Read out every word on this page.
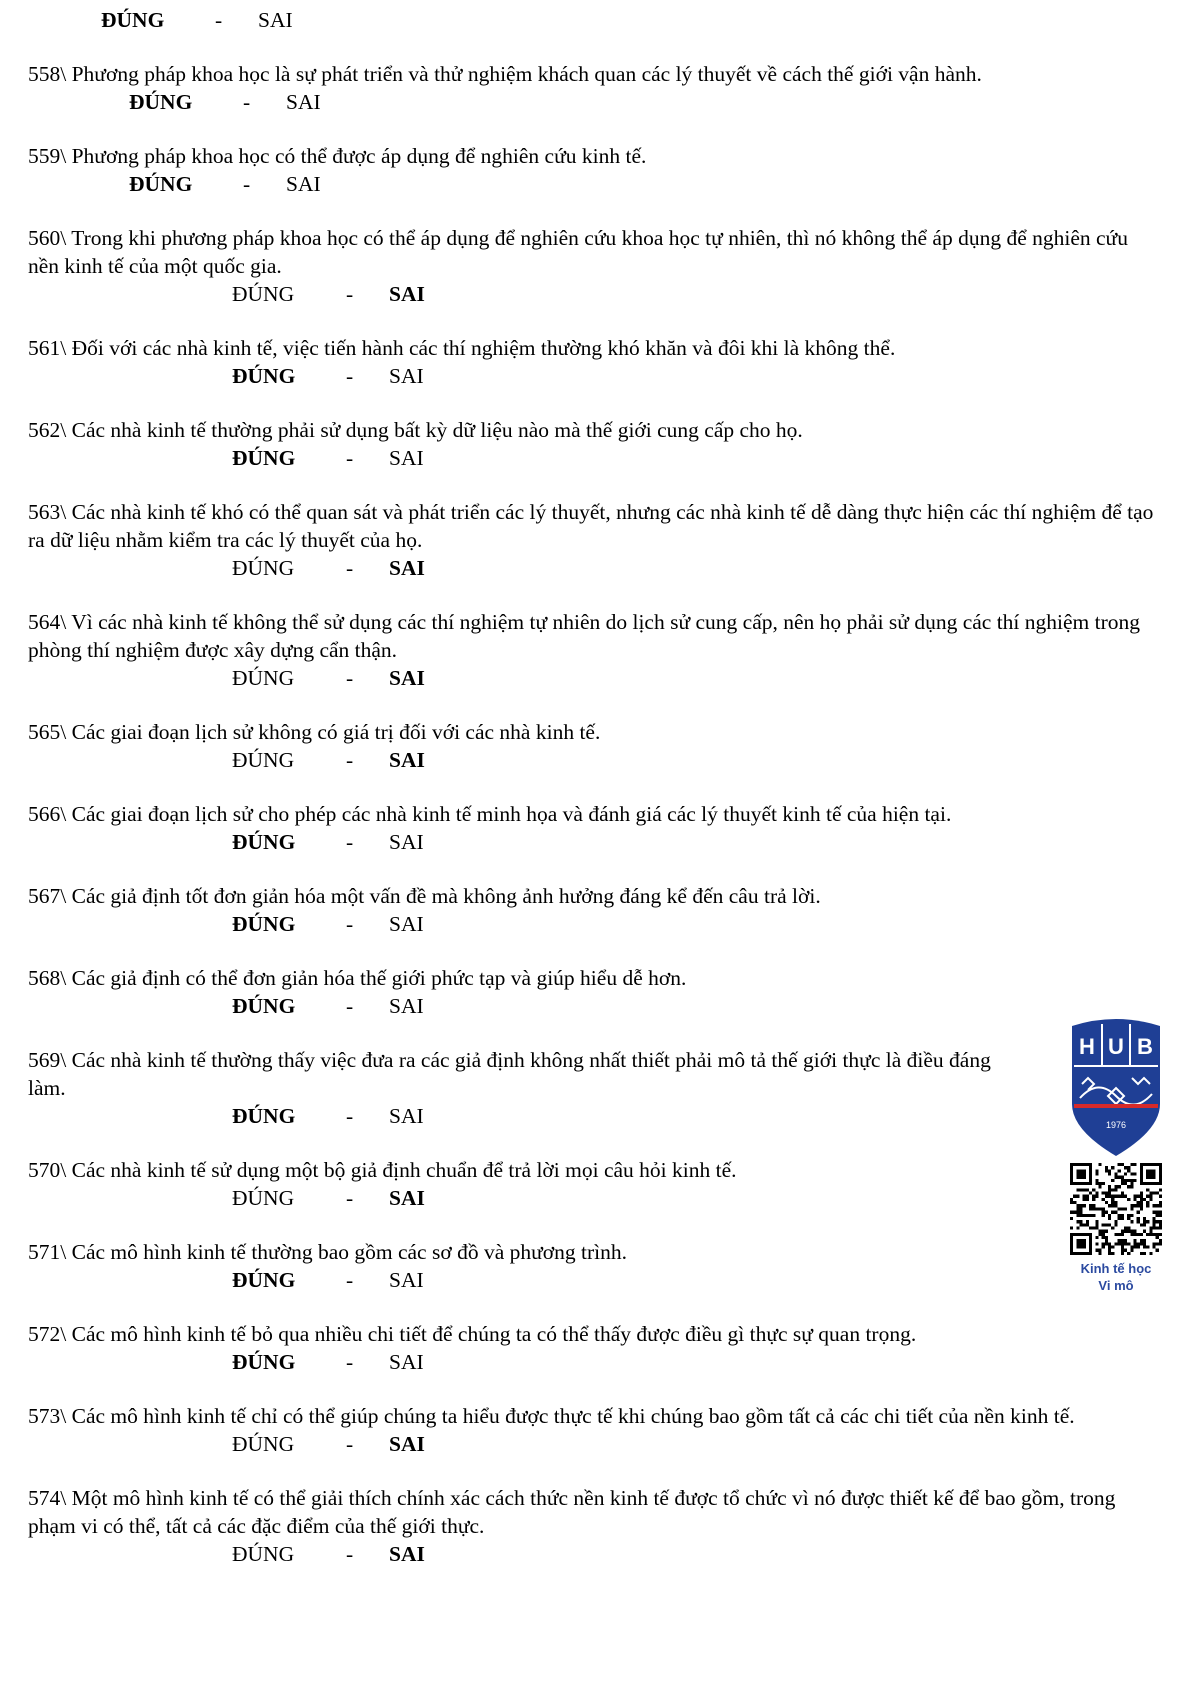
ĐÚNG - SAI
558\ Phương pháp khoa học là sự phát triển và thử nghiệm khách quan các lý thuyết về cách thế giới vận hành.
ĐÚNG - SAI
559\ Phương pháp khoa học có thể được áp dụng để nghiên cứu kinh tế.
ĐÚNG - SAI
560\ Trong khi phương pháp khoa học có thể áp dụng để nghiên cứu khoa học tự nhiên, thì nó không thể áp dụng để nghiên cứu nền kinh tế của một quốc gia.
ĐÚNG - SAI
561\ Đối với các nhà kinh tế, việc tiến hành các thí nghiệm thường khó khăn và đôi khi là không thể.
ĐÚNG - SAI
562\ Các nhà kinh tế thường phải sử dụng bất kỳ dữ liệu nào mà thế giới cung cấp cho họ.
ĐÚNG - SAI
563\ Các nhà kinh tế khó có thể quan sát và phát triển các lý thuyết, nhưng các nhà kinh tế dễ dàng thực hiện các thí nghiệm để tạo ra dữ liệu nhằm kiểm tra các lý thuyết của họ.
ĐÚNG - SAI
564\ Vì các nhà kinh tế không thể sử dụng các thí nghiệm tự nhiên do lịch sử cung cấp, nên họ phải sử dụng các thí nghiệm trong phòng thí nghiệm được xây dựng cẩn thận.
ĐÚNG - SAI
565\ Các giai đoạn lịch sử không có giá trị đối với các nhà kinh tế.
ĐÚNG - SAI
566\ Các giai đoạn lịch sử cho phép các nhà kinh tế minh họa và đánh giá các lý thuyết kinh tế của hiện tại.
ĐÚNG - SAI
567\ Các giả định tốt đơn giản hóa một vấn đề mà không ảnh hưởng đáng kể đến câu trả lời.
ĐÚNG - SAI
568\ Các giả định có thể đơn giản hóa thế giới phức tạp và giúp hiểu dễ hơn.
ĐÚNG - SAI
569\ Các nhà kinh tế thường thấy việc đưa ra các giả định không nhất thiết phải mô tả thế giới thực là điều đáng làm.
ĐÚNG - SAI
570\ Các nhà kinh tế sử dụng một bộ giả định chuẩn để trả lời mọi câu hỏi kinh tế.
ĐÚNG - SAI
571\ Các mô hình kinh tế thường bao gồm các sơ đồ và phương trình.
ĐÚNG - SAI
572\ Các mô hình kinh tế bỏ qua nhiều chi tiết để chúng ta có thể thấy được điều gì thực sự quan trọng.
ĐÚNG - SAI
573\ Các mô hình kinh tế chỉ có thể giúp chúng ta hiểu được thực tế khi chúng bao gồm tất cả các chi tiết của nền kinh tế.
ĐÚNG - SAI
574\ Một mô hình kinh tế có thể giải thích chính xác cách thức nền kinh tế được tổ chức vì nó được thiết kế để bao gồm, trong phạm vi có thể, tất cả các đặc điểm của thế giới thực.
ĐÚNG - SAI
H U B
1976
Kinh tế học
Vi mô
